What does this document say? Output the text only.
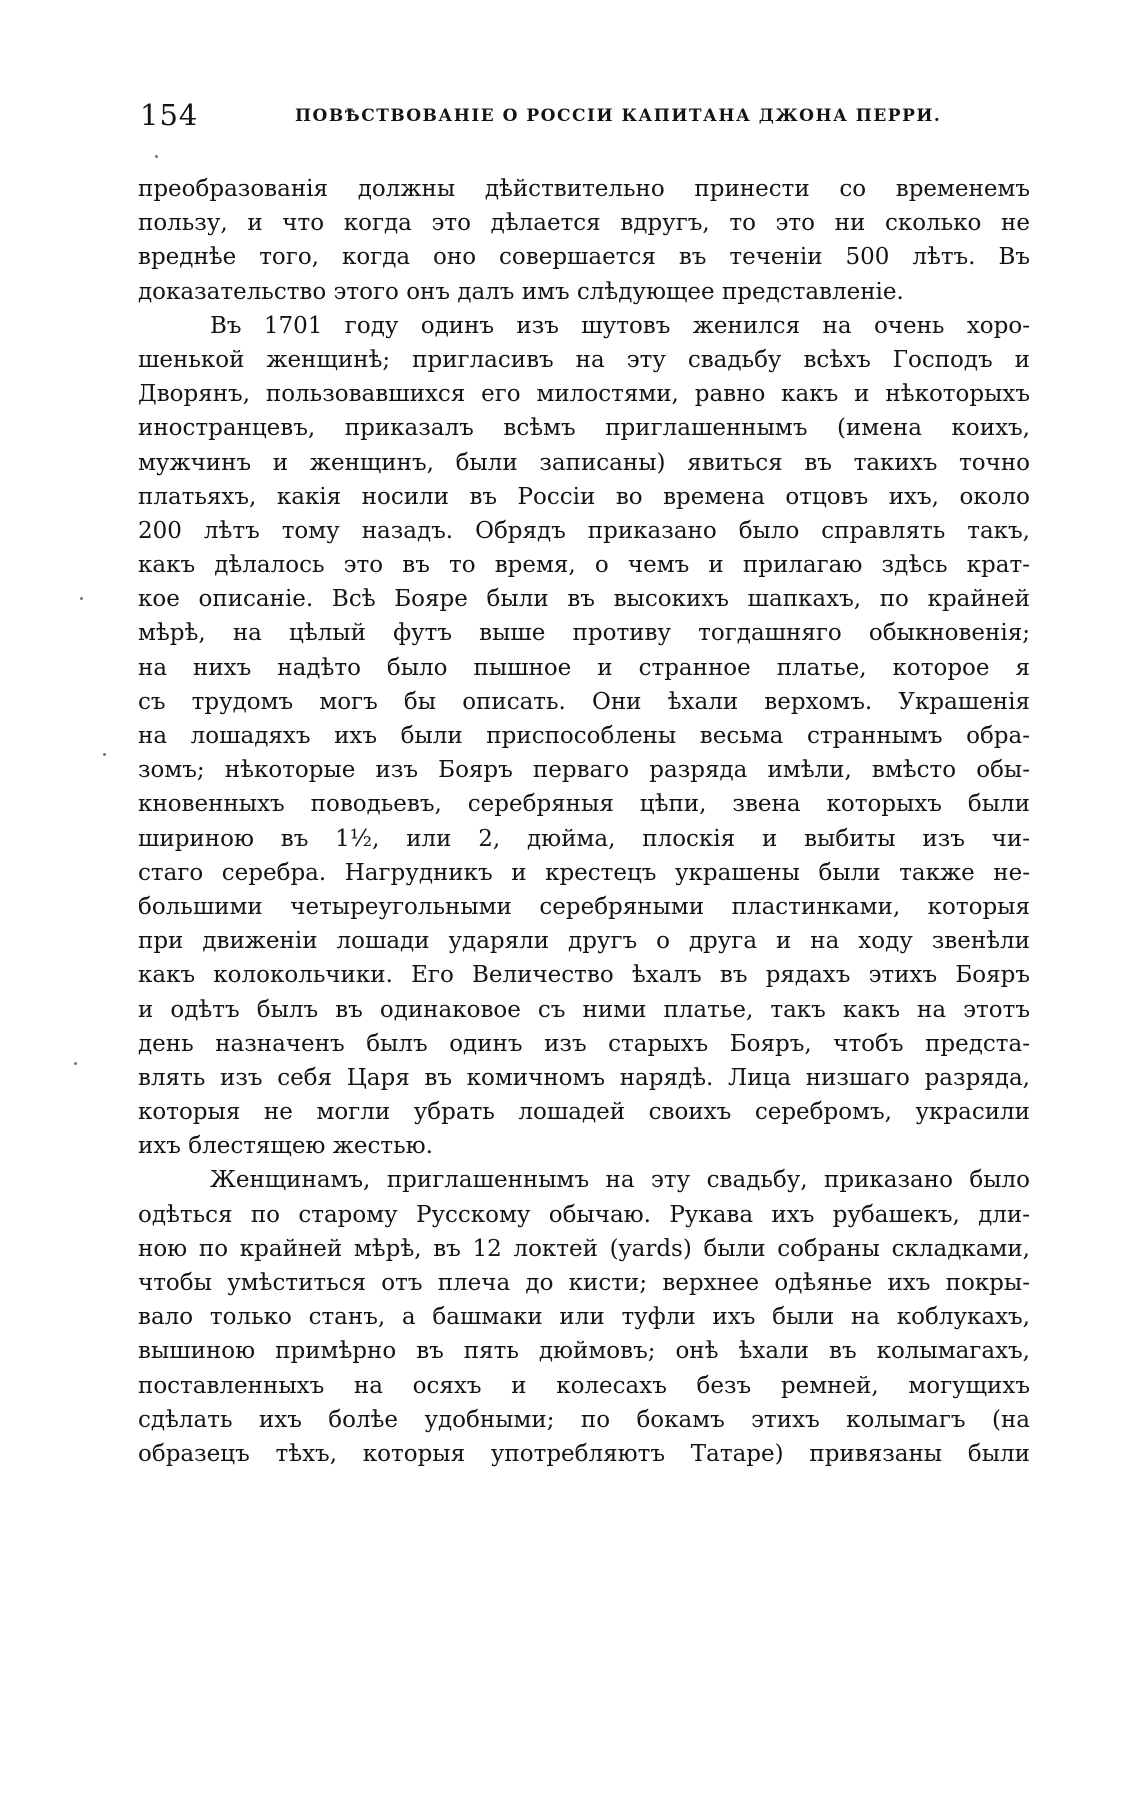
154	ПОВѢСТВОВАНІЕ О РОССІИ КАПИТАНА ДЖОНА ПЕРРИ.
преобразованія должны дѣйствительно принести со временемъ
пользу, и что когда это дѣлается вдругъ, то это ни сколько не
вреднѣе того, когда оно совершается въ теченіи 500 лѣтъ. Въ
доказательство этого онъ далъ имъ слѣдующее представленіе.
Въ 1701 году одинъ изъ шутовъ женился на очень хоро-
шенькой женщинѣ; пригласивъ на эту свадьбу всѣхъ Господъ и
Дворянъ, пользовавшихся его милостями, равно какъ и нѣкоторыхъ
иностранцевъ, приказалъ всѣмъ приглашеннымъ (имена коихъ,
мужчинъ и женщинъ, были записаны) явиться въ такихъ точно
платьяхъ, какія носили въ Россіи во времена отцовъ ихъ, около
200 лѣтъ тому назадъ. Обрядъ приказано было справлять такъ,
какъ дѣлалось это въ то время, о чемъ и прилагаю здѣсь крат-
кое описаніе. Всѣ Бояре были въ высокихъ шапкахъ, по крайней
мѣрѣ, на цѣлый футъ выше противу тогдашняго обыкновенія;
на нихъ надѣто было пышное и странное платье, которое я
съ трудомъ могъ бы описать. Они ѣхали верхомъ. Украшенія
на лошадяхъ ихъ были приспособлены весьма страннымъ обра-
зомъ; нѣкоторые изъ Бояръ перваго разряда имѣли, вмѣсто обы-
кновенныхъ поводьевъ, серебряныя цѣпи, звена которыхъ были
шириною въ 1½, или 2, дюйма, плоскія и выбиты изъ чи-
стаго серебра. Нагрудникъ и крестецъ украшены были также не-
большими четыреугольными серебряными пластинками, которыя
при движеніи лошади ударяли другъ о друга и на ходу звенѣли
какъ колокольчики. Его Величество ѣхалъ въ рядахъ этихъ Бояръ
и одѣтъ былъ въ одинаковое съ ними платье, такъ какъ на этотъ
день назначенъ былъ одинъ изъ старыхъ Бояръ, чтобъ предста-
влять изъ себя Царя въ комичномъ нарядѣ. Лица низшаго разряда,
которыя не могли убрать лошадей своихъ серебромъ, украсили
ихъ блестящею жестью.
Женщинамъ, приглашеннымъ на эту свадьбу, приказано было
одѣться по старому Русскому обычаю. Рукава ихъ рубашекъ, дли-
ною по крайней мѣрѣ, въ 12 локтей (yards) были собраны складками,
чтобы умѣститься отъ плеча до кисти; верхнее одѣянье ихъ покры-
вало только станъ, а башмаки или туфли ихъ были на коблукахъ,
вышиною примѣрно въ пять дюймовъ; онѣ ѣхали въ колымагахъ,
поставленныхъ на осяхъ и колесахъ безъ ремней, могущихъ
сдѣлать ихъ болѣе удобными; по бокамъ этихъ колымагъ (на
образецъ тѣхъ, которыя употребляютъ Татаре) привязаны были
